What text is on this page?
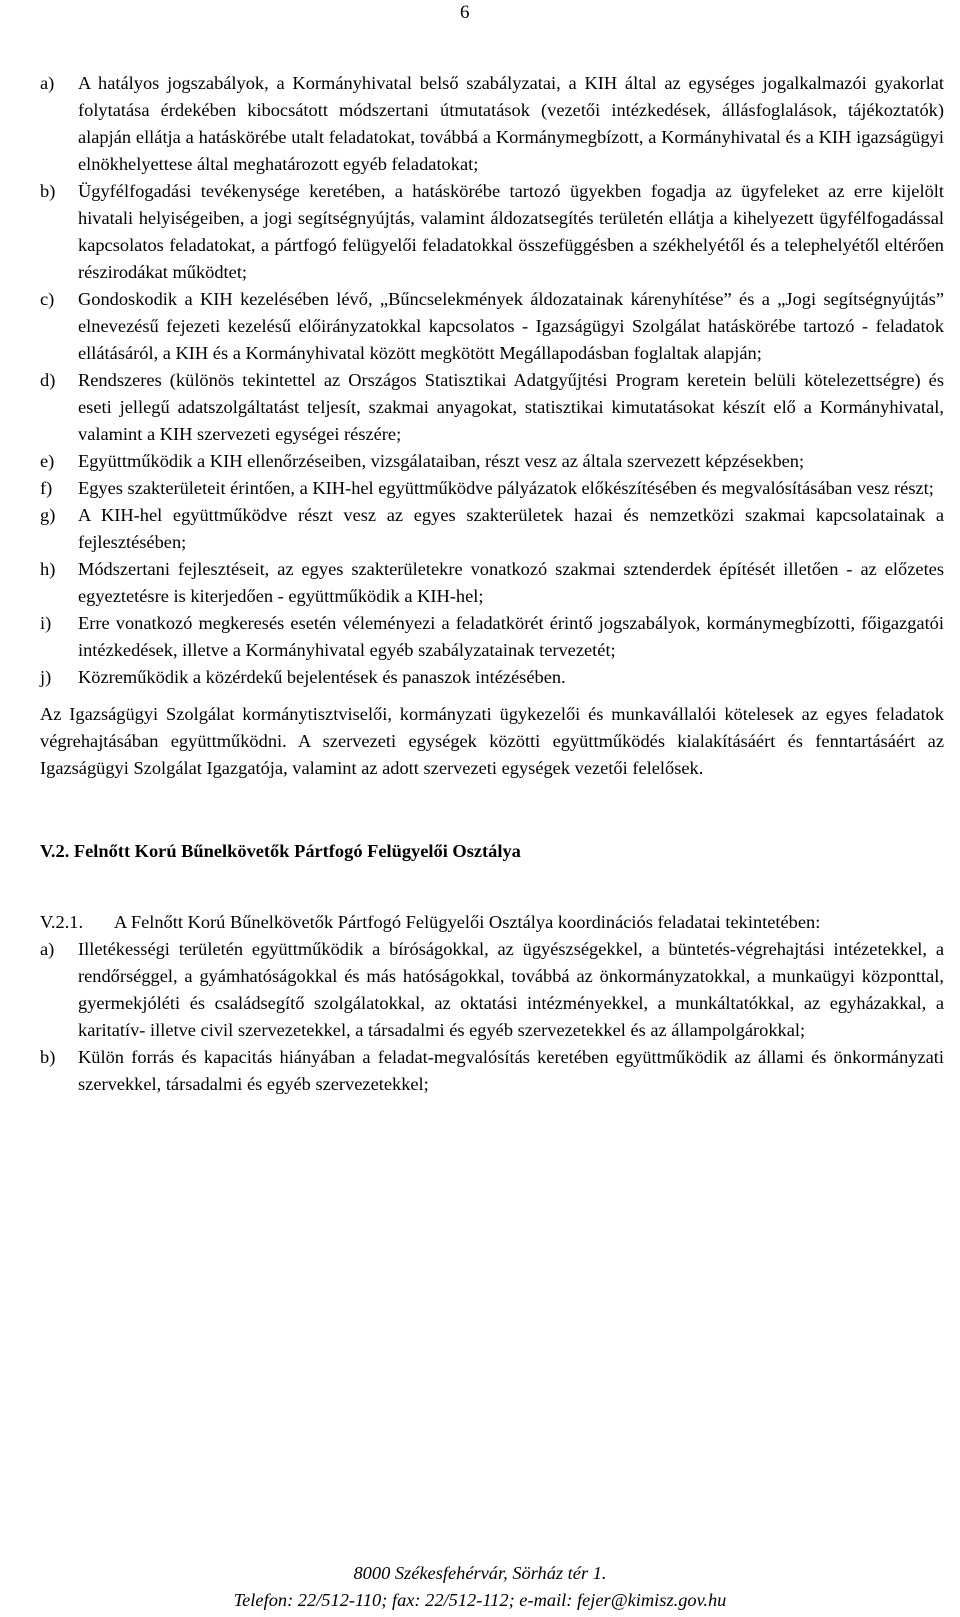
6
a)	A hatályos jogszabályok, a Kormányhivatal belső szabályzatai, a KIH által az egységes jogalkalmazói gyakorlat folytatása érdekében kibocsátott módszertani útmutatások (vezetői intézkedések, állásfoglalások, tájékoztatók) alapján ellátja a hatáskörébe utalt feladatokat, továbbá a Kormánymegbízott, a Kormányhivatal és a KIH igazságügyi elnökhelyettese által meghatározott egyéb feladatokat;
b)	Ügyfélfogadási tevékenysége keretében, a hatáskörébe tartozó ügyekben fogadja az ügyfeleket az erre kijelölt hivatali helyiségeiben, a jogi segítségnyújtás, valamint áldozatsegítés területén ellátja a kihelyezett ügyfélfogadással kapcsolatos feladatokat, a pártfogó felügyelői feladatokkal összefüggésben a székhelyétől és a telephelyétől eltérően részirodákat működtet;
c)	Gondoskodik a KIH kezelésében lévő, „Bűncselekmények áldozatainak kárenyhítése” és a „Jogi segítségnyújtás” elnevezésű fejezeti kezelésű előirányzatokkal kapcsolatos - Igazságügyi Szolgálat hatáskörébe tartozó - feladatok ellátásáról, a KIH és a Kormányhivatal között megkötött Megállapodásban foglaltak alapján;
d)	Rendszeres (különös tekintettel az Országos Statisztikai Adatgyűjtési Program keretein belüli kötelezettségre) és eseti jellegű adatszolgáltatást teljesít, szakmai anyagokat, statisztikai kimutatásokat készít elő a Kormányhivatal, valamint a KIH szervezeti egységei részére;
e)	Együttműködik a KIH ellenőrzéseiben, vizsgálataiban, részt vesz az általa szervezett képzésekben;
f)	Egyes szakterületeit érintően, a KIH-hel együttműködve pályázatok előkészítésében és megvalósításában vesz részt;
g)	A KIH-hel együttműködve részt vesz az egyes szakterületek hazai és nemzetközi szakmai kapcsolatainak a fejlesztésében;
h)	Módszertani fejlesztéseit, az egyes szakterületekre vonatkozó szakmai sztenderdek építését illetően - az előzetes egyeztetésre is kiterjedően - együttműködik a KIH-hel;
i)	Erre vonatkozó megkeresés esetén véleményezi a feladatkörét érintő jogszabályok, kormánymegbízotti, főigazgatói intézkedések, illetve a Kormányhivatal egyéb szabályzatainak tervezetét;
j)	Közreműködik a közérdekű bejelentések és panaszok intézésében.

Az Igazságügyi Szolgálat kormánytisztviselői, kormányzati ügykezelői és munkavállalói kötelesek az egyes feladatok végrehajtásában együttműködni. A szervezeti egységek közötti együttműködés kialakításáért és fenntartásáért az Igazságügyi Szolgálat Igazgatója, valamint az adott szervezeti egységek vezetői felelősek.

V.2. Felnőtt Korú Bűnelkövetők Pártfogó Felügyelői Osztálya
V.2.1.	A Felnőtt Korú Bűnelkövetők Pártfogó Felügyelői Osztálya koordinációs feladatai tekintetében:
a)	Illetékességi területén együttműködik a bíróságokkal, az ügyészségekkel, a büntetés-végrehajtási intézetekkel, a rendőrséggel, a gyámhatóságokkal és más hatóságokkal, továbbá az önkormányzatokkal, a munkaügyi központtal, gyermekjóléti és családsegítő szolgálatokkal, az oktatási intézményekkel, a munkáltatókkal, az egyházakkal, a karitatív- illetve civil szervezetekkel, a társadalmi és egyéb szervezetekkel és az állampolgárokkal;
b)	Külön forrás és kapacitás hiányában a feladat-megvalósítás keretében együttműködik az állami és önkormányzati szervekkel, társadalmi és egyéb szervezetekkel;
8000 Székesfehérvár, Sörház tér 1.
Telefon: 22/512-110; fax: 22/512-112; e-mail: fejer@kimisz.gov.hu
